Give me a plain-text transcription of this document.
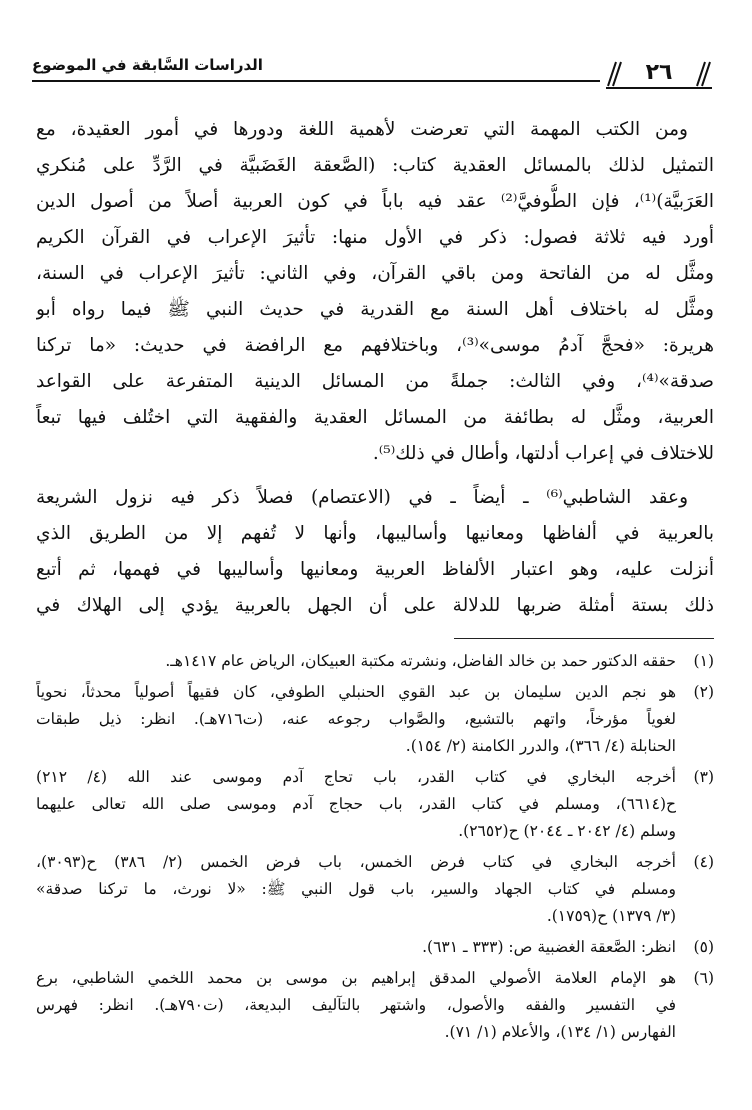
الدراسات السَّابقة في الموضوع	٢٦
ومن الكتب المهمة التي تعرضت لأهمية اللغة ودورها في أمور العقيدة، مع
التمثيل لذلك بالمسائل العقدية كتاب: (الصَّعقة الغَضَبيَّة في الرَّدِّ على مُنكري
العَرَبيَّة)⁽¹⁾، فإن الطُّوفيَّ⁽²⁾ عقد فيه باباً في كون العربية أصلاً من أصول الدين
أورد فيه ثلاثة فصول: ذكر في الأول منها: تأثيرَ الإعراب في القرآن الكريم
ومثَّل له من الفاتحة ومن باقي القرآن، وفي الثاني: تأثيرَ الإعراب في السنة،
ومثَّل له باختلاف أهل السنة مع القدرية في حديث النبي ﷺ فيما رواه أبو
هريرة: «فحجَّ آدمُ موسى»⁽³⁾، وباختلافهم مع الرافضة في حديث: «ما تركنا
صدقة»⁽⁴⁾، وفي الثالث: جملةً من المسائل الدينية المتفرعة على القواعد
العربية، ومثَّل له بطائفة من المسائل العقدية والفقهية التي اختُلف فيها تبعاً
للاختلاف في إعراب أدلتها، وأطال في ذلك⁽⁵⁾.
وعقد الشاطبي⁽⁶⁾ ـ أيضاً ـ في (الاعتصام) فصلاً ذكر فيه نزول الشريعة
بالعربية في ألفاظها ومعانيها وأساليبها، وأنها لا تُفهم إلا من الطريق الذي
أنزلت عليه، وهو اعتبار الألفاظ العربية ومعانيها وأساليبها في فهمها، ثم أتبع
ذلك بستة أمثلة ضربها للدلالة على أن الجهل بالعربية يؤدي إلى الهلاك في
(١)
حققه الدكتور حمد بن خالد الفاضل، ونشرته مكتبة العبيكان، الرياض عام ١٤١٧هـ.
(٢)
هو نجم الدين سليمان بن عبد القوي الحنبلي الطوفي، كان فقيهاً أصولياً محدثاً، نحوياً
لغوياً مؤرخاً، واتهم بالتشيع، والصَّواب رجوعه عنه، (ت٧١٦هـ). انظر: ذيل طبقات
الحنابلة (٤/ ٣٦٦)، والدرر الكامنة (٢/ ١٥٤).
(٣)
أخرجه البخاري في كتاب القدر، باب تحاج آدم وموسى عند الله (٤/ ٢١٢)
ح(٦٦١٤)، ومسلم في كتاب القدر، باب حجاج آدم وموسى صلى الله تعالى عليهما
وسلم (٤/ ٢٠٤٢ ـ ٢٠٤٤) ح(٢٦٥٢).
(٤)
أخرجه البخاري في كتاب فرض الخمس، باب فرض الخمس (٢/ ٣٨٦) ح(٣٠٩٣)،
ومسلم في كتاب الجهاد والسير، باب قول النبي ﷺ: «لا نورث، ما تركنا صدقة»
(٣/ ١٣٧٩) ح(١٧٥٩).
(٥)
انظر: الصَّعقة الغضبية ص: (٣٣٣ ـ ٦٣١).
(٦)
هو الإمام العلامة الأصولي المدقق إبراهيم بن موسى بن محمد اللخمي الشاطبي، برع
في التفسير والفقه والأصول، واشتهر بالتآليف البديعة، (ت٧٩٠هـ). انظر: فهرس
الفهارس (١/ ١٣٤)، والأعلام (١/ ٧١).
